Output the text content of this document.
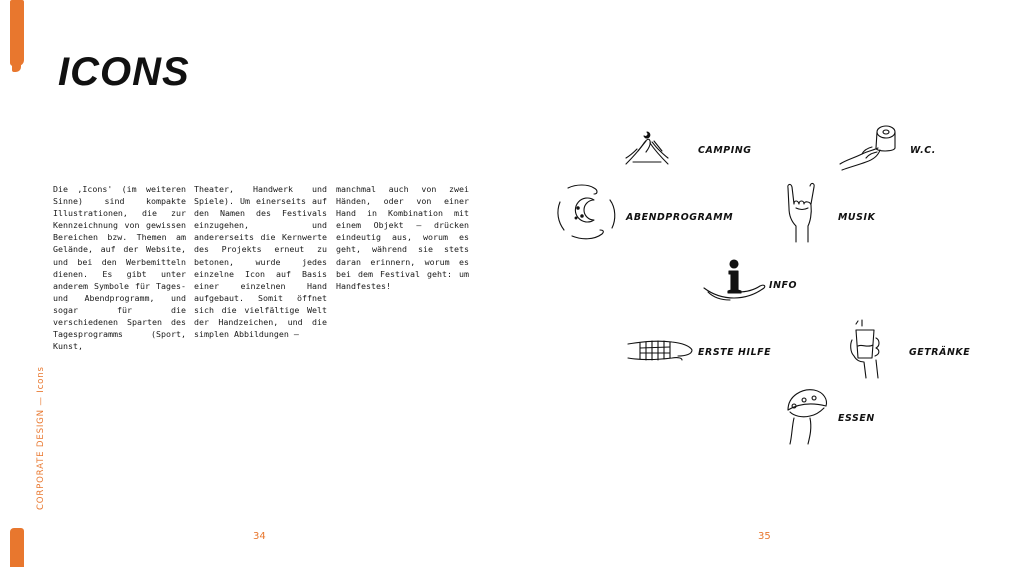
ICONS

Die ‚Icons' (im weiteren Sinne) sind kompakte Illustrationen, die zur Kennzeichnung von gewissen Bereichen bzw. Themen am Gelände, auf der Website, und bei den Werbemitteln dienen. Es gibt unter anderem Symbole für Tages- und Abendprogramm, und sogar für die verschiedenen Sparten des Tagesprogramms (Sport, Kunst,

Theater, Handwerk und Spiele). Um einerseits auf den Namen des Festivals einzugehen, und andererseits die Kernwerte des Projekts erneut zu betonen, wurde jedes einzelne Icon auf Basis einer einzelnen Hand aufgebaut. Somit öffnet sich die vielfältige Welt der Handzeichen, und die simplen Abbildungen –

manchmal auch von zwei Händen, oder von einer Hand in Kombination mit einem Objekt – drücken eindeutig aus, worum es geht, während sie stets daran erinnern, worum es bei dem Festival geht: um Handfestes!

CORPORATE DESIGN — Icons
34	35
CAMPING	W.C.
ABENDPROGRAMM	MUSIK
INFO
ERSTE HILFE	GETRÄNKE
ESSEN
